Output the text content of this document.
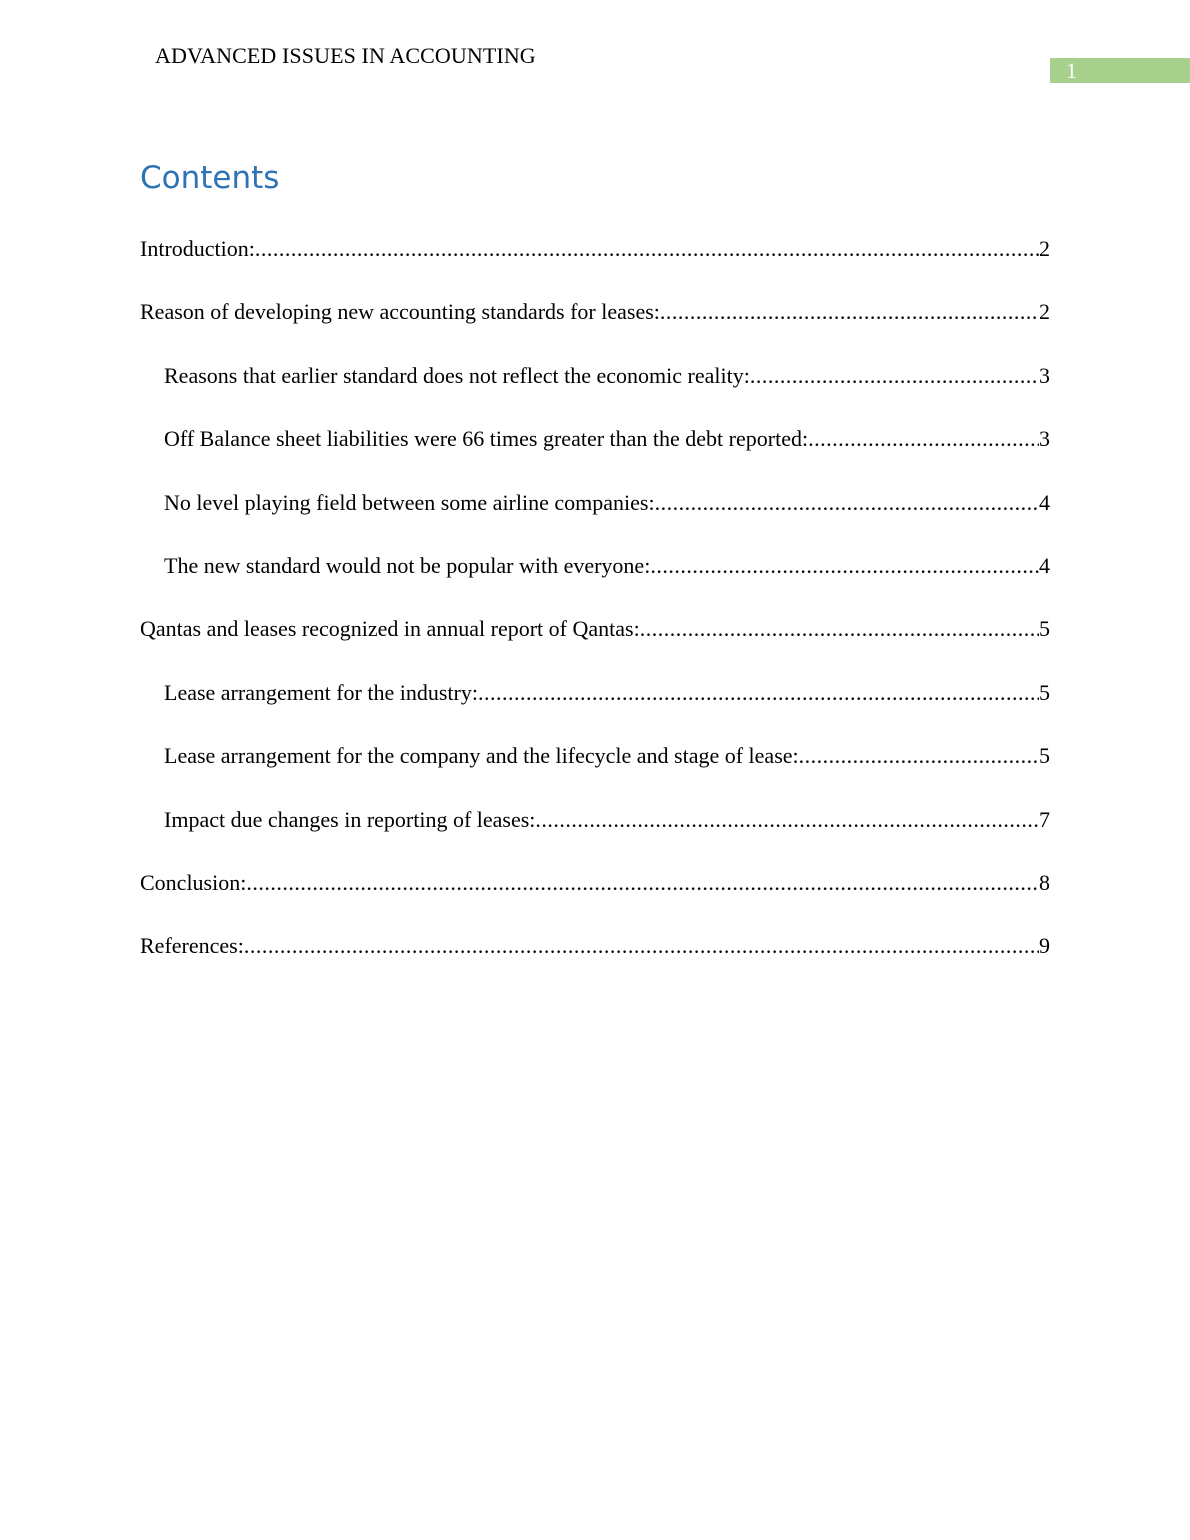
ADVANCED ISSUES IN ACCOUNTING
1
Contents
Introduction: .....	2
Reason of developing new accounting standards for leases: .....	2
Reasons that earlier standard does not reflect the economic reality: .....	3
Off Balance sheet liabilities were 66 times greater than the debt reported: .....	3
No level playing field between some airline companies: .....	4
The new standard would not be popular with everyone: .....	4
Qantas and leases recognized in annual report of Qantas: .....	5
Lease arrangement for the industry: .....	5
Lease arrangement for the company and the lifecycle and stage of lease: .....	5
Impact due changes in reporting of leases: .....	7
Conclusion: .....	8
References: .....	9
